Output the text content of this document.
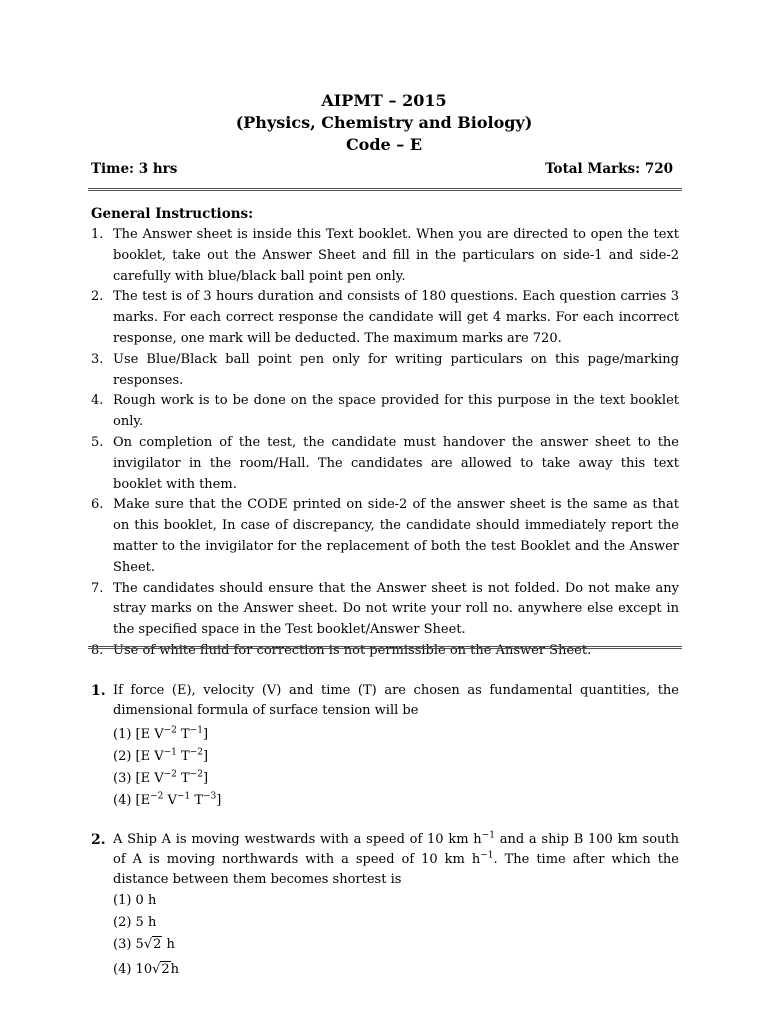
AIPMT – 2015
(Physics, Chemistry and Biology)
Code – E
Time: 3 hrs	Total Marks: 720
General Instructions:
1. The Answer sheet is inside this Text booklet. When you are directed to open the text booklet, take out the Answer Sheet and fill in the particulars on side-1 and side-2 carefully with blue/black ball point pen only.
2. The test is of 3 hours duration and consists of 180 questions. Each question carries 3 marks. For each correct response the candidate will get 4 marks. For each incorrect response, one mark will be deducted. The maximum marks are 720.
3. Use Blue/Black ball point pen only for writing particulars on this page/marking responses.
4. Rough work is to be done on the space provided for this purpose in the text booklet only.
5. On completion of the test, the candidate must handover the answer sheet to the invigilator in the room/Hall. The candidates are allowed to take away this text booklet with them.
6. Make sure that the CODE printed on side-2 of the answer sheet is the same as that on this booklet, In case of discrepancy, the candidate should immediately report the matter to the invigilator for the replacement of both the test Booklet and the Answer Sheet.
7. The candidates should ensure that the Answer sheet is not folded. Do not make any stray marks on the Answer sheet. Do not write your roll no. anywhere else except in the specified space in the Test booklet/Answer Sheet.
8. Use of white fluid for correction is not permissible on the Answer Sheet.
1. If force (E), velocity (V) and time (T) are chosen as fundamental quantities, the dimensional formula of surface tension will be
(1) [E $V^{-2}$ $T^{-1}$]
(2) [E $V^{-1}$ $T^{-2}$]
(3) [E $V^{-2}$ $T^{-2}$]
(4) [$E^{-2}$ $V^{-1}$ $T^{-3}$]
2. A Ship A is moving westwards with a speed of 10 km $h^{-1}$ and a ship B 100 km south of A is moving northwards with a speed of 10 km $h^{-1}$. The time after which the distance between them becomes shortest is
(1) 0 h
(2) 5 h
(3) 5√2 h
(4) 10√2h
